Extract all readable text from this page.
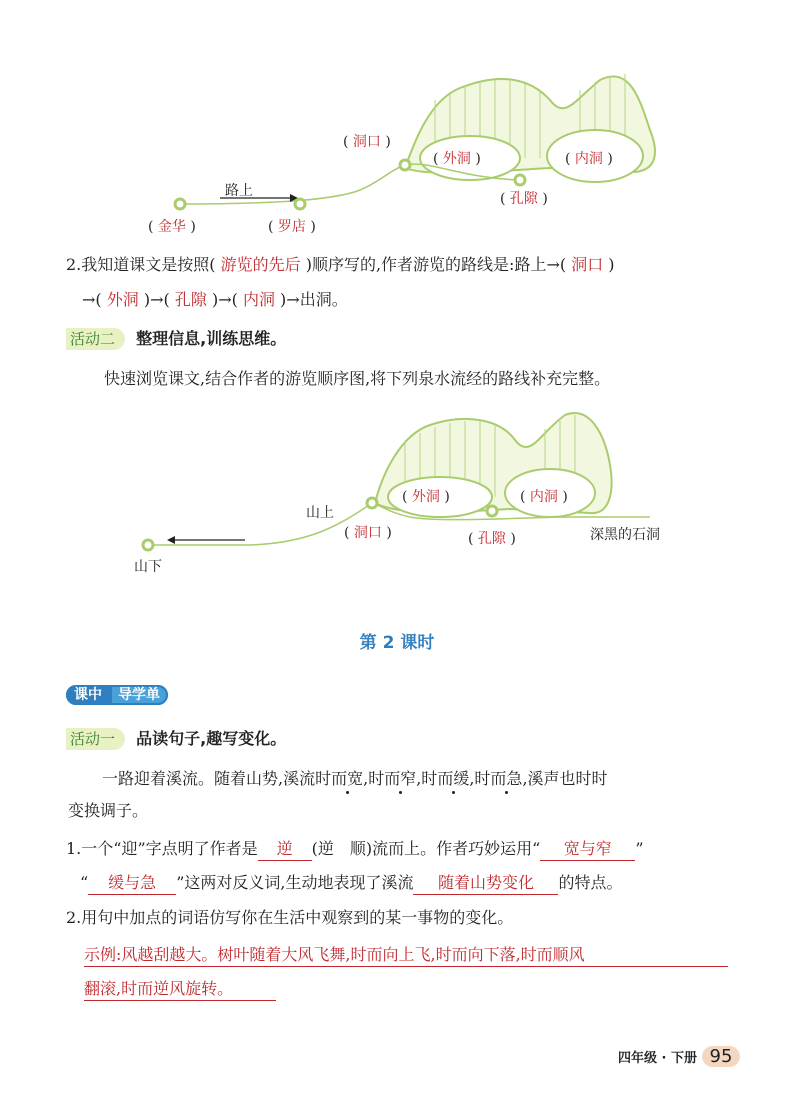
路上
( 金华 )	( 罗店 )
( 洞口 )
( 外洞 )
( 孔隙 )
( 内洞 )
2.我知道课文是按照( 游览的先后 )顺序写的,作者游览的路线是:路上→( 洞口 )
→( 外洞 )→( 孔隙 )→( 内洞 )→出洞。
活动二 整理信息,训练思维。
快速浏览课文,结合作者的游览顺序图,将下列泉水流经的路线补充完整。
( 外洞 )	( 内洞 )
( 洞口 )	( 孔隙 )	深黑的石洞
山上
山下
第 2 课时
课中 导学单
活动一 品读句子,趣写变化。
一路迎着溪流。随着山势,溪流时而宽,时而窄,时而缓,时而急,溪声也时时
变换调子。
1.一个“迎”字点明了作者是 逆 (逆　顺)流而上。作者巧妙运用“ 宽与窄 ”
“ 缓与急 ”这两对反义词,生动地表现了溪流 随着山势变化 的特点。
2.用句中加点的词语仿写你在生活中观察到的某一事物的变化。
示例:风越刮越大。树叶随着大风飞舞,时而向上飞,时而向下落,时而顺风
翻滚,时而逆风旋转。
四年级 · 下册 95
